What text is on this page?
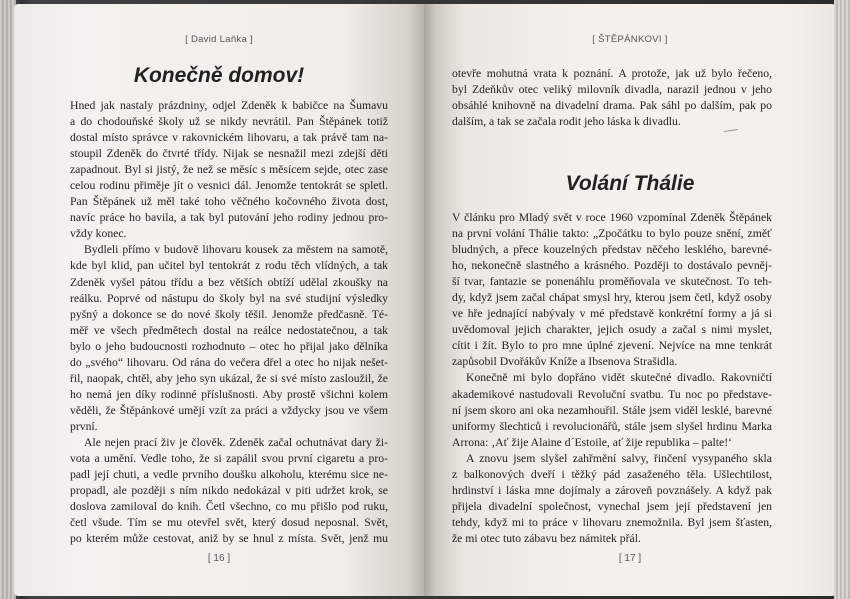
[ David Laňka ]
Konečně domov!
Hned jak nastaly prázdniny, odjel Zdeněk k babičce na Šumavu
a do chodouňské školy už se nikdy nevrátil. Pan Štěpánek totiž
dostal místo správce v rakovnickém lihovaru, a tak právě tam na-
stoupil Zdeněk do čtvrté třídy. Nijak se nesnažil mezi zdejší děti
zapadnout. Byl si jistý, že než se měsíc s měsícem sejde, otec zase
celou rodinu přiměje jít o vesnici dál. Jenomže tentokrát se spletl.
Pan Štěpánek už měl také toho věčného kočovného života dost,
navíc práce ho bavila, a tak byl putování jeho rodiny jednou pro-
vždy konec.
Bydleli přímo v budově lihovaru kousek za městem na samotě,
kde byl klid, pan učitel byl tentokrát z rodu těch vlídných, a tak
Zdeněk vyšel pátou třídu a bez větších obtíží udělal zkoušky na
reálku. Poprvé od nástupu do školy byl na své studijní výsledky
pyšný a dokonce se do nové školy těšil. Jenomže předčasně. Té-
měř ve všech předmětech dostal na reálce nedostatečnou, a tak
bylo o jeho budoucnosti rozhodnuto – otec ho přijal jako dělníka
do „svého“ lihovaru. Od rána do večera dřel a otec ho nijak nešet-
řil, naopak, chtěl, aby jeho syn ukázal, že si své místo zasloužil, že
ho nemá jen díky rodinné příslušnosti. Aby prostě všichni kolem
věděli, že Štěpánkové umějí vzít za práci a vždycky jsou ve všem
první.
Ale nejen prací živ je člověk. Zdeněk začal ochutnávat dary ži-
vota a umění. Vedle toho, že si zapálil svou první cigaretu a pro-
padl její chuti, a vedle prvního doušku alkoholu, kterému sice ne-
propadl, ale později s ním nikdo nedokázal v piti udržet krok, se
doslova zamiloval do knih. Četl všechno, co mu přišlo pod ruku,
četl všude. Tím se mu otevřel svět, který dosud neposnal. Svět,
po kterém může cestovat, aniž by se hnul z místa. Svět, jenž mu
[ 16 ]
[ ŠTĚPÁNKOVI ]
otevře mohutná vrata k poznání. A protože, jak už bylo řečeno,
byl Zdeňkův otec veliký milovník divadla, narazil jednou v jeho
obsáhlé knihovně na divadelní drama. Pak sáhl po dalším, pak po
dalším, a tak se začala rodit jeho láska k divadlu.
Volání Thálie
V článku pro Mladý svět v roce 1960 vzpomínal Zdeněk Štěpánek
na první volání Thálie takto: „Zpočátku to bylo pouze snění, změť
bludných, a přece kouzelných představ něčeho lesklého, barevné-
ho, nekonečně slastného a krásného. Později to dostávalo pevněj-
ší tvar, fantazie se ponenáhlu proměňovala ve skutečnost. To teh-
dy, když jsem začal chápat smysl hry, kterou jsem četl, když osoby
ve hře jednající nabývaly v mé představě konkrétní formy a já si
uvědomoval jejich charakter, jejich osudy a začal s nimi myslet,
cítit i žít. Bylo to pro mne úplné zjevení. Nejvíce na mne tenkrát
zapůsobil Dvořákův Kníže a Ibsenova Strašidla.
Konečně mi bylo dopřáno vidět skutečné divadlo. Rakovničtí
akademikové nastudovali Revoluční svatbu. Tu noc po představe-
ní jsem skoro ani oka nezamhouřil. Stále jsem viděl lesklé, barevné
uniformy šlechticů i revolucionářů, stále jsem slyšel hrdinu Marka
Arrona: ‚Ať žije Alaine d´Estoile, ať žije republika – palte!‘
A znovu jsem slyšel zahřmění salvy, řinčení vysypaného skla
z balkonových dveří i těžký pád zasaženého těla. Ušlechtilost,
hrdinství i láska mne dojímaly a zároveň povznášely. A když pak
přijela divadelní společnost, vynechal jsem její představení jen
tehdy, když mi to práce v lihovaru znemožnila. Byl jsem šťasten,
že mi otec tuto zábavu bez námitek přál.
[ 17 ]
